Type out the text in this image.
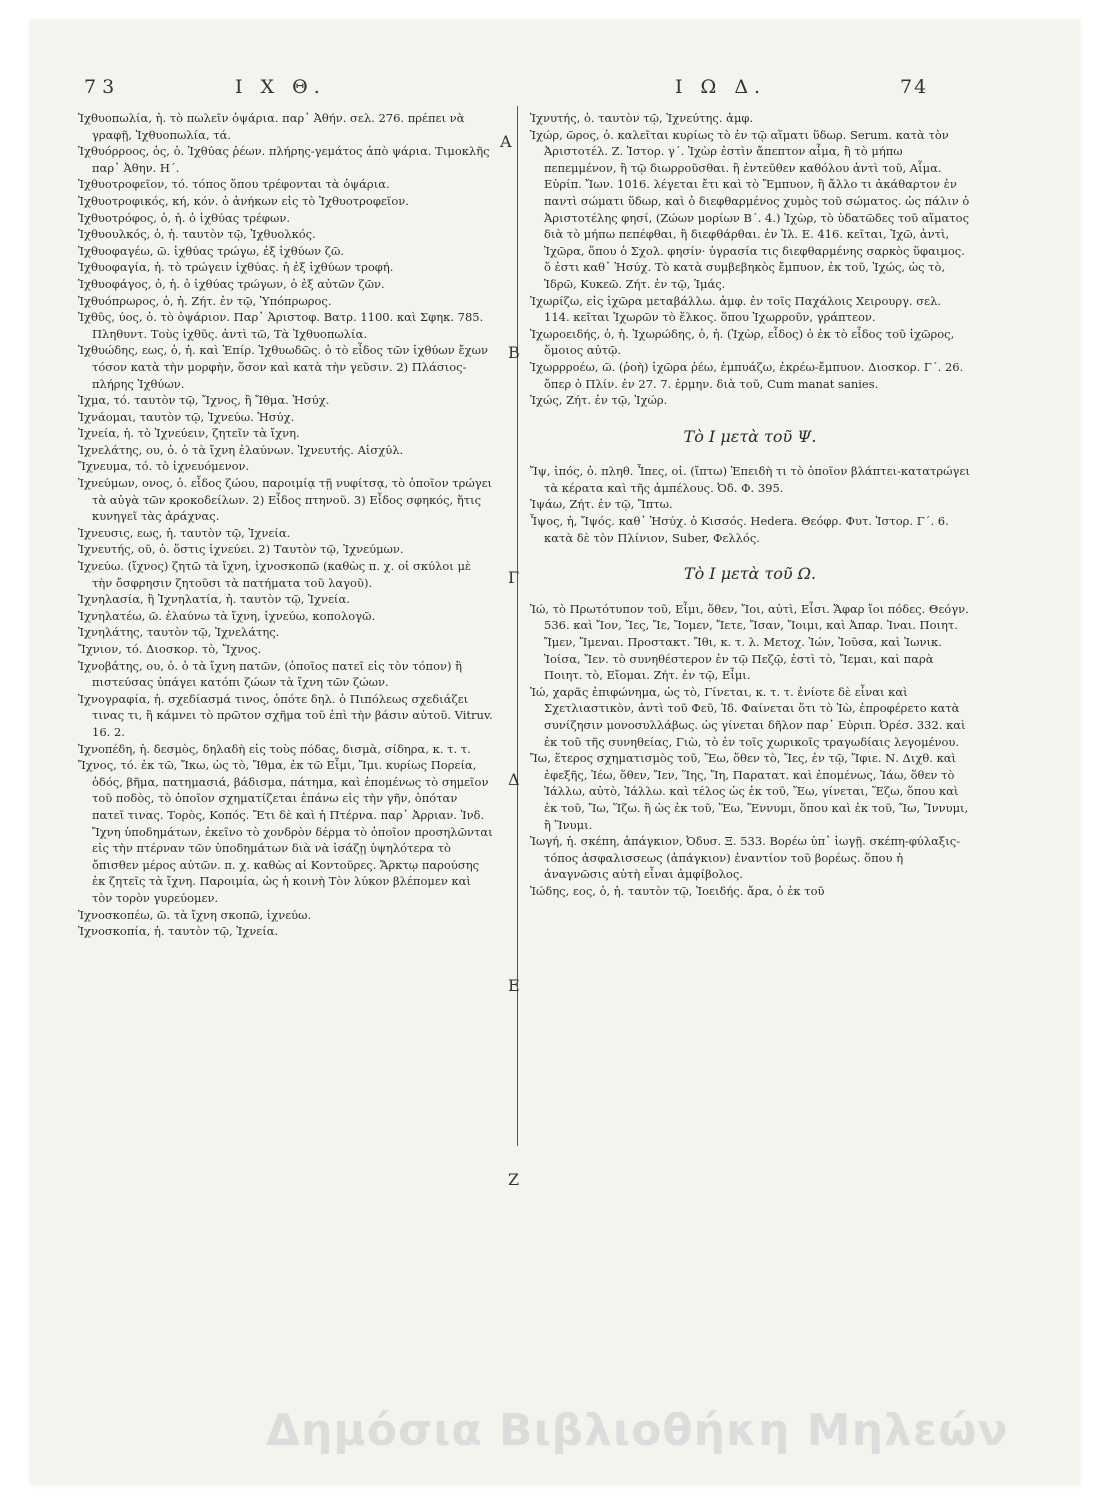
73	Ι Χ Θ.	Ι Ω Δ.	74
Α
Β
Γ
Δ
Ε
Ζ
Ἰχθυοπωλία, ἡ. τὸ πωλεῖν ὀψάρια. παρ᾽ Ἀθήν. σελ. 276. πρέπει νὰ γραφῇ, Ἰχθυοπωλία, τά.
Ἰχθυόρροος, ὁς, ὁ. Ἰχθύας ῥέων. πλήρης-γεμάτος ἀπὸ ψάρια. Τιμοκλῆς παρ᾽ Ἀθην. Η´.
Ἰχθυοτροφεῖον, τό. τόπος ὅπου τρέφονται τὰ ὀψάρια.
Ἰχθυοτροφικός, κή, κόν. ὁ ἀνήκων εἰς τὸ Ἰχθυοτροφεῖον.
Ἰχθυοτρόφος, ὁ, ἡ. ὁ ἰχθύας τρέφων.
Ἰχθυουλκός, ὁ, ἡ. ταυτὸν τῷ, Ἰχθυολκός.
Ἰχθυοφαγέω, ῶ. ἰχθύας τρώγω, ἐξ ἰχθύων ζῶ.
Ἰχθυοφαγία, ἡ. τὸ τρώγειν ἰχθύας. ἡ ἐξ ἰχθύων τροφή.
Ἰχθυοφάγος, ὁ, ἡ. ὁ ἰχθύας τρώγων, ὁ ἐξ αὐτῶν ζῶν.
Ἰχθυόπρωρος, ὁ, ἡ. Ζήτ. ἐν τῷ, Ὑπόπρωρος.
Ἰχθῦς, ύος, ὁ. τὸ ὀψάριον. Παρ᾽ Ἀριστοφ. Βατρ. 1100. καὶ Σφηκ. 785. Πληθυντ. Τοὺς ἰχθῦς. ἀντὶ τῶ, Τὰ Ἰχθυοπωλία.
Ἰχθυώδης, εως, ὁ, ἡ. καὶ Ἐπίρ. Ἰχθυωδῶς. ὁ τὸ εἶδος τῶν ἰχθύων ἔχων τόσον κατὰ τὴν μορφὴν, ὅσον καὶ κατὰ τὴν γεῦσιν. 2) Πλάσιος-πλήρης Ἰχθύων.
Ἰχμα, τό. ταυτὸν τῷ, Ἴχνος, ἢ Ἴθμα. Ἡσύχ.
Ἰχνάομαι, ταυτὸν τῷ, Ἰχνεύω. Ἡσύχ.
Ἰχνεία, ἡ. τὸ Ἰχνεύειν, ζητεῖν τὰ ἴχνη.
Ἰχνελάτης, ου, ὁ. ὁ τὰ ἴχνη ἐλαύνων. Ἰχνευτής. Αἰσχύλ.
Ἴχνευμα, τό. τὸ ἰχνευόμενον.
Ἰχνεύμων, ονος, ὁ. εἶδος ζώου, παροιμίᾳ τῇ νυφίτσᾳ, τὸ ὁποῖον τρώγει τὰ αὐγὰ τῶν κροκοδείλων. 2) Εἶδος πτηνοῦ. 3) Εἶδος σφηκός, ἥτις κυνηγεῖ τὰς ἀράχνας.
Ἰχνευσις, εως, ἡ. ταυτὸν τῷ, Ἰχνεία.
Ἰχνευτής, οῦ, ὁ. ὅστις ἰχνεύει. 2) Ταυτὸν τῷ, Ἰχνεύμων.
Ἰχνεύω. (ἴχνος) ζητῶ τὰ ἴχνη, ἰχνοσκοπῶ (καθὼς π. χ. οἱ σκύλοι μὲ τὴν ὄσφρησιν ζητοῦσι τὰ πατήματα τοῦ λαγοῦ).
Ἰχνηλασία, ἢ Ἰχνηλατία, ἡ. ταυτὸν τῷ, Ἰχνεία.
Ἰχνηλατέω, ῶ. ἐλαύνω τὰ ἴχνη, ἰχνεύω, κοπολογῶ.
Ἰχνηλάτης, ταυτὸν τῷ, Ἰχνελάτης.
Ἴχνιον, τό. Διοσκορ. τὸ, Ἴχνος.
Ἰχνοβάτης, ου, ὁ. ὁ τὰ ἴχνη πατῶν, (ὁποῖος πατεῖ εἰς τὸν τόπον) ἢ πιστεύσας ὑπάγει κατόπι ζώων τὰ ἴχνη τῶν ζώων.
Ἰχνογραφία, ἡ. σχεδίασμά τινος, ὁπότε δηλ. ὁ Πιπόλεως σχεδιάζει τινας τι, ἢ κάμνει τὸ πρῶτον σχῆμα τοῦ ἐπὶ τὴν βάσιν αὐτοῦ. Vitruv. 16. 2.
Ἰχνοπέδη, ἡ. δεσμὸς, δηλαδὴ εἰς τοὺς πόδας, δισμὰ, σίδηρα, κ. τ. τ.
Ἴχνος, τό. ἐκ τῶ, Ἴκω, ὡς τὸ, Ἴθμα, ἐκ τῶ Εἶμι, Ἴμι. κυρίως Πορεία, ὁδός, βῆμα, πατημασιά, βάδισμα, πάτημα, καὶ ἐπομένως τὸ σημεῖον τοῦ ποδὸς, τὸ ὁποῖον σχηματίζεται ἐπάνω εἰς τὴν γῆν, ὁπόταν πατεῖ τινας. Τορὸς, Κοπός. Ἔτι δὲ καὶ ἡ Πτέρνα. παρ᾽ Ἀρριαν. Ἰνδ. Ἴχνη ὑποδημάτων, ἐκεῖνο τὸ χονδρὸν δέρμα τὸ ὁποῖον προσηλῶνται εἰς τὴν πτέρναν τῶν ὑποδημάτων διὰ νὰ ἰσάζῃ ὑψηλότερα τὸ ὄπισθεν μέρος αὐτῶν. π. χ. καθὼς αἱ Κοντοῦρες. Ἄρκτῳ παρούσης ἐκ ζητεῖς τὰ ἴχνη. Παροιμία, ὡς ἡ κοινὴ Τὸν λύκον βλέπομεν καὶ τὸν τορὸν γυρεύομεν.
Ἰχνοσκοπέω, ῶ. τὰ ἴχνη σκοπῶ, ἰχνεύω.
Ἰχνοσκοπία, ἡ. ταυτὸν τῷ, Ἰχνεία.
Ἰχνυτής, ὁ. ταυτὸν τῷ, Ἰχνεύτης. ἀμφ.
Ἰχώρ, ῶρος, ὁ. καλεῖται κυρίως τὸ ἐν τῷ αἵματι ὕδωρ. Serum. κατὰ τὸν Ἀριστοτέλ. Ζ. Ἱστορ. γ´. Ἰχὼρ ἐστὶν ἄπεπτον αἷμα, ἢ τὸ μήπω πεπεμμένον, ἢ τῷ διωρροῦσθαι. ἢ ἐντεῦθεν καθόλου ἀντὶ τοῦ, Αἷμα. Εὐρίπ. Ἴων. 1016. λέγεται ἔτι καὶ τὸ Ἔμπυον, ἢ ἄλλο τι ἀκάθαρτον ἐν παντὶ σώματι ὕδωρ, καὶ ὁ διεφθαρμένος χυμὸς τοῦ σώματος. ὡς πάλιν ὁ Ἀριστοτέλης φησί, (Ζώων μορίων Β´. 4.) Ἰχὼρ, τὸ ὑδατῶδες τοῦ αἵματος διὰ τὸ μήπω πεπέφθαι, ἢ διεφθάρθαι. ἐν Ἰλ. Ε. 416. κεῖται, Ἰχῶ, ἀντὶ, Ἰχῶρα, ὅπου ὁ Σχολ. φησίν· ὑγρασία τις διεφθαρμένης σαρκὸς ὕφαιμος. ὅ ἐστι καθ᾽ Ἡσύχ. Τὸ κατὰ συμβεβηκὸς ἔμπυον, ἐκ τοῦ, Ἰχώς, ὡς τὸ, Ἱδρῶ, Κυκεῶ. Ζήτ. ἐν τῷ, Ἱμάς.
Ἰχωρίζω, εἰς ἰχῶρα μεταβάλλω. ἀμφ. ἐν τοῖς Παχάλοις Χειρουργ. σελ. 114. κεῖται Ἰχωρῶν τὸ ἕλκος. ὅπου Ἰχωρροῦν, γράπτεον.
Ἰχωροειδής, ὁ, ἡ. Ἰχωρώδης, ὁ, ἡ. (Ἰχὼρ, εἶδος) ὁ ἐκ τὸ εἶδος τοῦ ἰχῶρος, ὅμοιος αὐτῷ.
Ἰχωρρροέω, ῶ. (ῥοὴ) ἰχῶρα ῥέω, ἐμπυάζω, ἐκρέω-ἔμπυον. Διοσκορ. Γ´. 26. ὅπερ ὁ Πλίν. ἐν 27. 7. ἑρμην. διὰ τοῦ, Cum manat sanies.
Ἰχώς, Ζήτ. ἐν τῷ, Ἰχώρ.
Τὸ Ι μετὰ τοῦ Ψ.
Ἴψ, ἰπός, ὁ. πληθ. Ἶπες, οἱ. (ἴπτω) Ἐπειδὴ τι τὸ ὁποῖον βλάπτει-κατατρώγει τὰ κέρατα καὶ τῆς ἀμπέλους. Ὀδ. Φ. 395.
Ἰψάω, Ζήτ. ἐν τῷ, Ἴπτω.
Ἶψος, ἡ, Ἴψός. καθ᾽ Ἡσύχ. ὁ Κισσός. Hedera. Θεόφρ. Φυτ. Ἱστορ. Γ´. 6. κατὰ δὲ τὸν Πλίνιον, Suber, Φελλός.
Τὸ Ι μετὰ τοῦ Ω.
Ἰώ, τὸ Πρωτότυπον τοῦ, Εἶμι, ὅθεν, Ἴοι, αὐτὶ, Εἶσι. Ἄφαρ ἴοι πόδες. Θεόγν. 536. καὶ Ἴον, Ἴες, Ἴε, Ἴομεν, Ἴετε, Ἴσαν, Ἴοιμι, καὶ Ἀπαρ. Ἰναι. Ποιητ. Ἴμεν, Ἴμεναι. Προστακτ. Ἴθι, κ. τ. λ. Μετοχ. Ἰών, Ἰοῦσα, καὶ Ἰωνικ. Ἰοίσα, Ἴεν. τὸ συνηθέστερον ἐν τῷ Πεζῷ, ἐστὶ τὸ, Ἴεμαι, καὶ παρὰ Ποιητ. τὸ, Εἴομαι. Ζήτ. ἐν τῷ, Εἶμι.
Ἰώ, χαρᾶς ἐπιφώνημα, ὡς τὸ, Γίνεται, κ. τ. τ. ἐνίοτε δὲ εἶναι καὶ Σχετλιαστικὸν, ἀντὶ τοῦ Φεῦ, Ἰδ. Φαίνεται ὅτι τὸ Ἰὼ, ἐπροφέρετο κατὰ συνίζησιν μονοσυλλάβως. ὡς γίνεται δῆλον παρ᾽ Εὐριπ. Ὀρέσ. 332. καὶ ἐκ τοῦ τῆς συνηθείας, Γιὼ, τὸ ἐν τοῖς χωρικοῖς τραγωδίαις λεγομένου.
Ἴω, ἕτερος σχηματισμὸς τοῦ, Ἕω, ὅθεν τὸ, Ἴες, ἐν τῷ, Ἴφιε. Ν. Διχθ. καὶ ἐφεξῆς, Ἰέω, ὅθεν, Ἴεν, Ἵης, Ἴη, Παρατατ. καὶ ἐπομένως, Ἰάω, ὅθεν τὸ Ἰάλλω, αὐτὸ, Ἰάλλω. καὶ τέλος ὡς ἐκ τοῦ, Ἕω, γίνεται, Ἕζω, ὅπου καὶ ἐκ τοῦ, Ἴω, Ἵζω. ἢ ὡς ἐκ τοῦ, Ἕω, Ἕννυμι, ὅπου καὶ ἐκ τοῦ, Ἴω, Ἴννυμι, ἢ Ἵνυμι.
Ἰωγή, ἡ. σκέπη, ἀπάγκιον, Ὀδυσ. Ξ. 533. Βορέω ὑπ᾽ ἰωγῇ. σκέπη-φύλαξις-τόπος ἀσφαλισσεως (ἀπάγκιον) ἐναντίον τοῦ βορέως. ὅπου ἡ ἀναγνῶσις αὐτὴ εἶναι ἀμφίβολος.
Ἰώδης, εος, ὁ, ἡ. ταυτὸν τῷ, Ἰοειδής. ἄρα, ὁ ἐκ τοῦ
Δημόσια Βιβλιοθήκη Μηλεών
